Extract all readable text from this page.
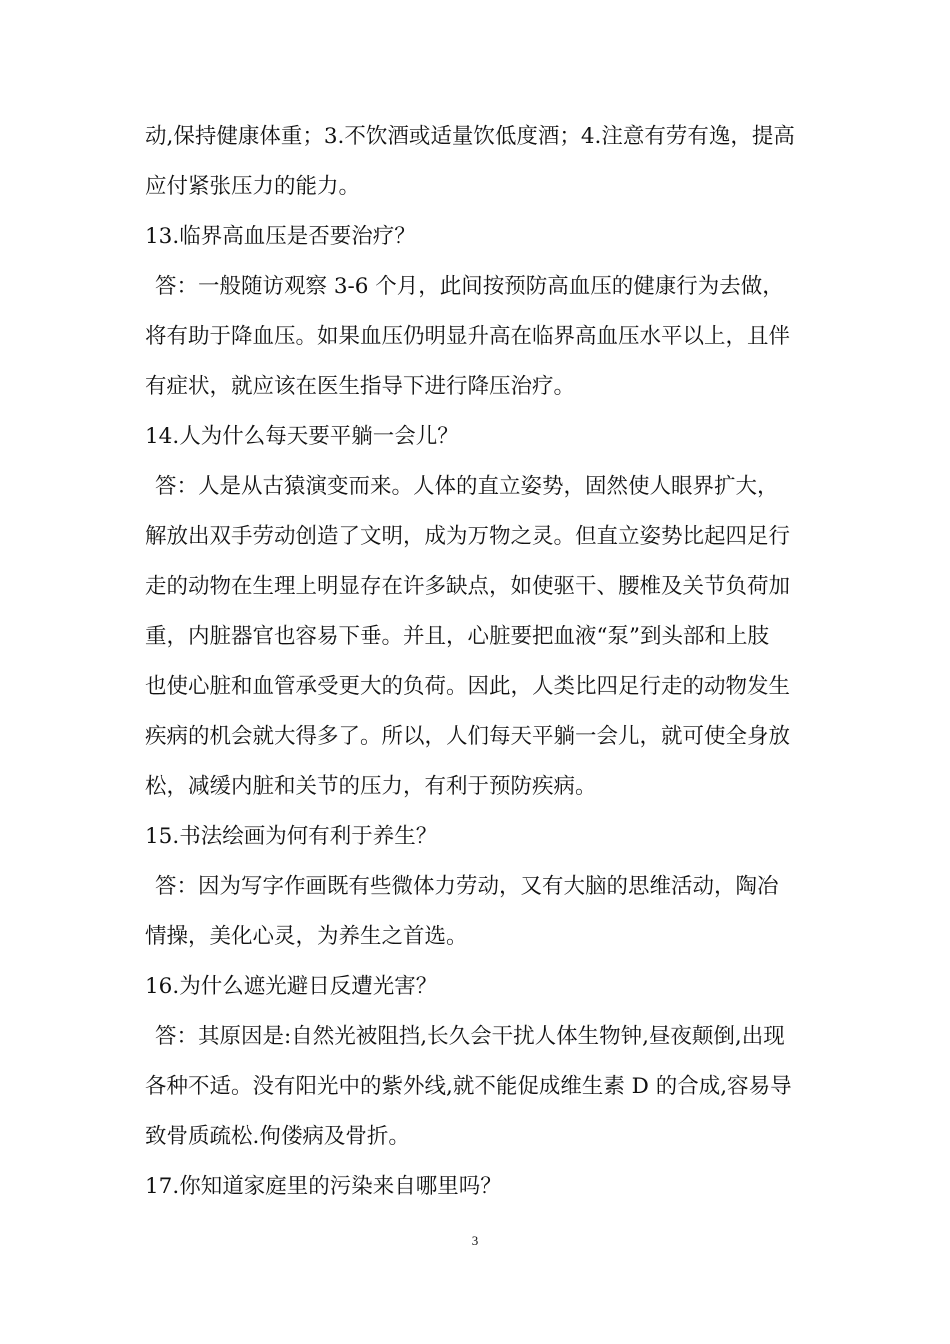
动,保持健康体重；3.不饮酒或适量饮低度酒；4.注意有劳有逸，提高
应付紧张压力的能力。
13.临界高血压是否要治疗？
答：一般随访观察 3-6 个月，此间按预防高血压的健康行为去做，
将有助于降血压。如果血压仍明显升高在临界高血压水平以上，且伴
有症状，就应该在医生指导下进行降压治疗。
14.人为什么每天要平躺一会儿？
答：人是从古猿演变而来。人体的直立姿势，固然使人眼界扩大，
解放出双手劳动创造了文明，成为万物之灵。但直立姿势比起四足行
走的动物在生理上明显存在许多缺点，如使驱干、腰椎及关节负荷加
重，内脏器官也容易下垂。并且，心脏要把血液“泵”到头部和上肢
也使心脏和血管承受更大的负荷。因此，人类比四足行走的动物发生
疾病的机会就大得多了。所以，人们每天平躺一会儿，就可使全身放
松，减缓内脏和关节的压力，有利于预防疾病。
15.书法绘画为何有利于养生？
答：因为写字作画既有些微体力劳动，又有大脑的思维活动，陶冶
情操，美化心灵，为养生之首选。
16.为什么遮光避日反遭光害？
答：其原因是:自然光被阻挡,长久会干扰人体生物钟,昼夜颠倒,出现
各种不适。没有阳光中的紫外线,就不能促成维生素 D 的合成,容易导
致骨质疏松.佝偻病及骨折。
17.你知道家庭里的污染来自哪里吗？
3
